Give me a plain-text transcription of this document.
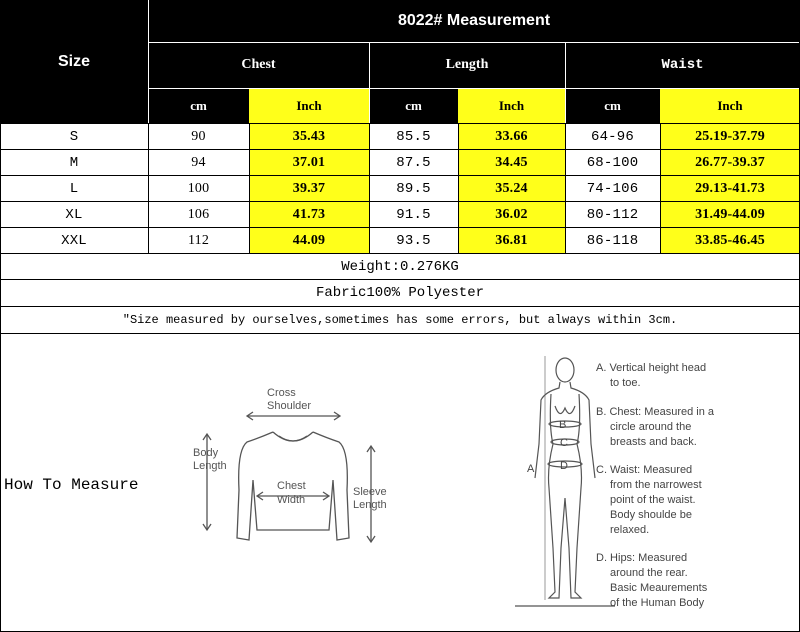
Size
8022# Measurement
Chest	Length	Waist
cm	Inch	cm	Inch	cm	Inch
S	90	35.43	85.5	33.66	64-96	25.19-37.79
M	94	37.01	87.5	34.45	68-100	26.77-39.37
L	100	39.37	89.5	35.24	74-106	29.13-41.73
XL	106	41.73	91.5	36.02	80-112	31.49-44.09
XXL	112	44.09	93.5	36.81	86-118	33.85-46.45
Weight:0.276KG
Fabric100% Polyester
"Size measured by ourselves,sometimes has some errors, but always within 3cm.
How To Measure
Cross
Shoulder
Body
Length
Chest
Width
Sleeve
Length
B
C
D
A
A. Vertical height head
to toe.
B. Chest: Measured in a
circle around the
breasts and back.
C. Waist: Measured
from the narrowest
point of the waist.
Body shoulde be
relaxed.
D. Hips: Measured
around the rear.
Basic Meaurements
of the Human Body
